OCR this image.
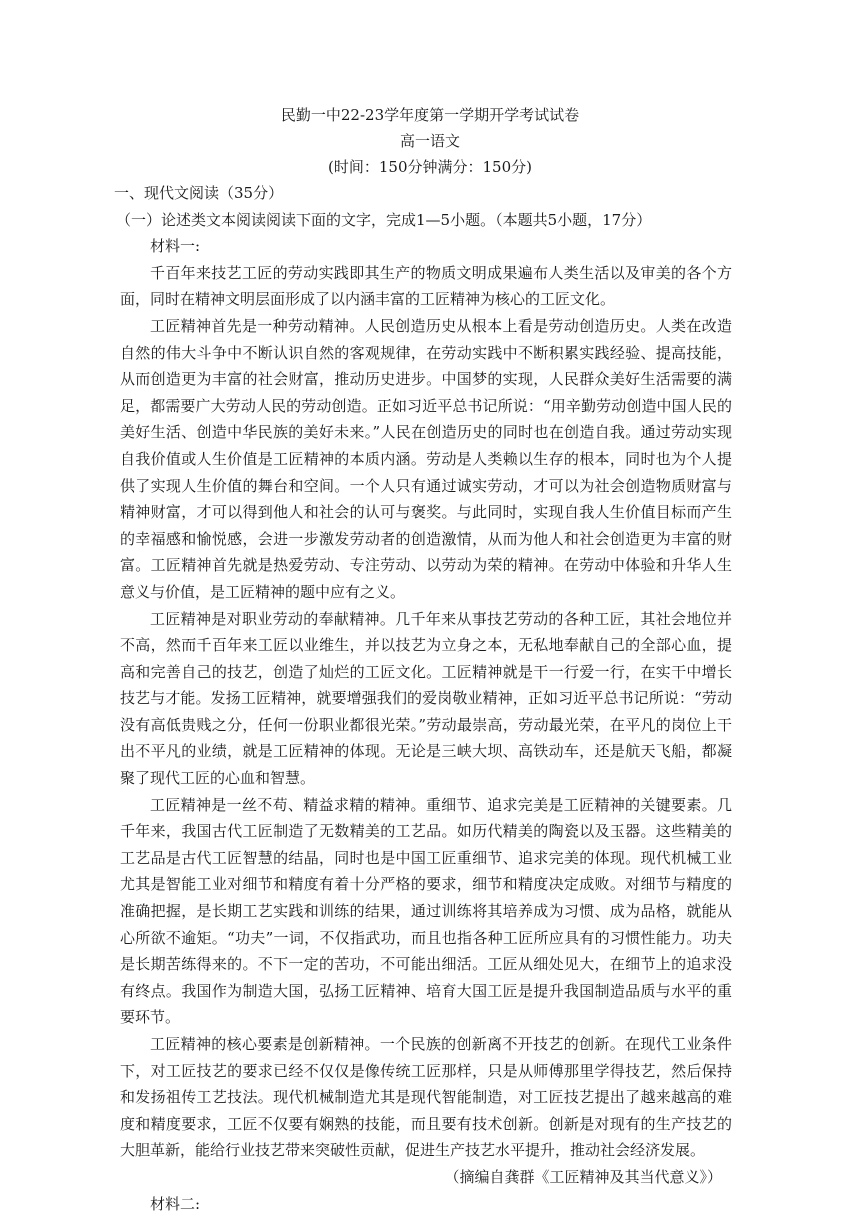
民勤一中22-23学年度第一学期开学考试试卷

高一语文

(时间：150分钟满分：150分)

一、现代文阅读（35分）

（一）论述类文本阅读阅读下面的文字，完成1—5小题。（本题共5小题，17分）

材料一:

千百年来技艺工匠的劳动实践即其生产的物质文明成果遍布人类生活以及审美的各个方面，同时在精神文明层面形成了以内涵丰富的工匠精神为核心的工匠文化。

工匠精神首先是一种劳动精神。人民创造历史从根本上看是劳动创造历史。人类在改造自然的伟大斗争中不断认识自然的客观规律，在劳动实践中不断积累实践经验、提高技能，从而创造更为丰富的社会财富，推动历史进步。中国梦的实现，人民群众美好生活需要的满足，都需要广大劳动人民的劳动创造。正如习近平总书记所说：“用辛勤劳动创造中国人民的美好生活、创造中华民族的美好未来。”人民在创造历史的同时也在创造自我。通过劳动实现自我价值或人生价值是工匠精神的本质内涵。劳动是人类赖以生存的根本，同时也为个人提供了实现人生价值的舞台和空间。一个人只有通过诚实劳动，才可以为社会创造物质财富与精神财富，才可以得到他人和社会的认可与褒奖。与此同时，实现自我人生价值目标而产生的幸福感和愉悦感，会进一步激发劳动者的创造激情，从而为他人和社会创造更为丰富的财富。工匠精神首先就是热爱劳动、专注劳动、以劳动为荣的精神。在劳动中体验和升华人生意义与价值，是工匠精神的题中应有之义。

工匠精神是对职业劳动的奉献精神。几千年来从事技艺劳动的各种工匠，其社会地位并不高，然而千百年来工匠以业维生，并以技艺为立身之本，无私地奉献自己的全部心血，提高和完善自己的技艺，创造了灿烂的工匠文化。工匠精神就是干一行爱一行，在实干中增长技艺与才能。发扬工匠精神，就要增强我们的爱岗敬业精神，正如习近平总书记所说：“劳动没有高低贵贱之分，任何一份职业都很光荣。”劳动最崇高，劳动最光荣，在平凡的岗位上干出不平凡的业绩，就是工匠精神的体现。无论是三峡大坝、高铁动车，还是航天飞船，都凝聚了现代工匠的心血和智慧。

工匠精神是一丝不苟、精益求精的精神。重细节、追求完美是工匠精神的关键要素。几千年来，我国古代工匠制造了无数精美的工艺品。如历代精美的陶瓷以及玉器。这些精美的工艺品是古代工匠智慧的结晶，同时也是中国工匠重细节、追求完美的体现。现代机械工业尤其是智能工业对细节和精度有着十分严格的要求，细节和精度决定成败。对细节与精度的准确把握，是长期工艺实践和训练的结果，通过训练将其培养成为习惯、成为品格，就能从心所欲不逾矩。“功夫”一词，不仅指武功，而且也指各种工匠所应具有的习惯性能力。功夫是长期苦练得来的。不下一定的苦功，不可能出细活。工匠从细处见大，在细节上的追求没有终点。我国作为制造大国，弘扬工匠精神、培育大国工匠是提升我国制造品质与水平的重要环节。

工匠精神的核心要素是创新精神。一个民族的创新离不开技艺的创新。在现代工业条件下，对工匠技艺的要求已经不仅仅是像传统工匠那样，只是从师傅那里学得技艺，然后保持和发扬祖传工艺技法。现代机械制造尤其是现代智能制造，对工匠技艺提出了越来越高的难度和精度要求，工匠不仅要有娴熟的技能，而且要有技术创新。创新是对现有的生产技艺的大胆革新，能给行业技艺带来突破性贡献，促进生产技艺水平提升，推动社会经济发展。

（摘编自龚群《工匠精神及其当代意义》）

材料二:
